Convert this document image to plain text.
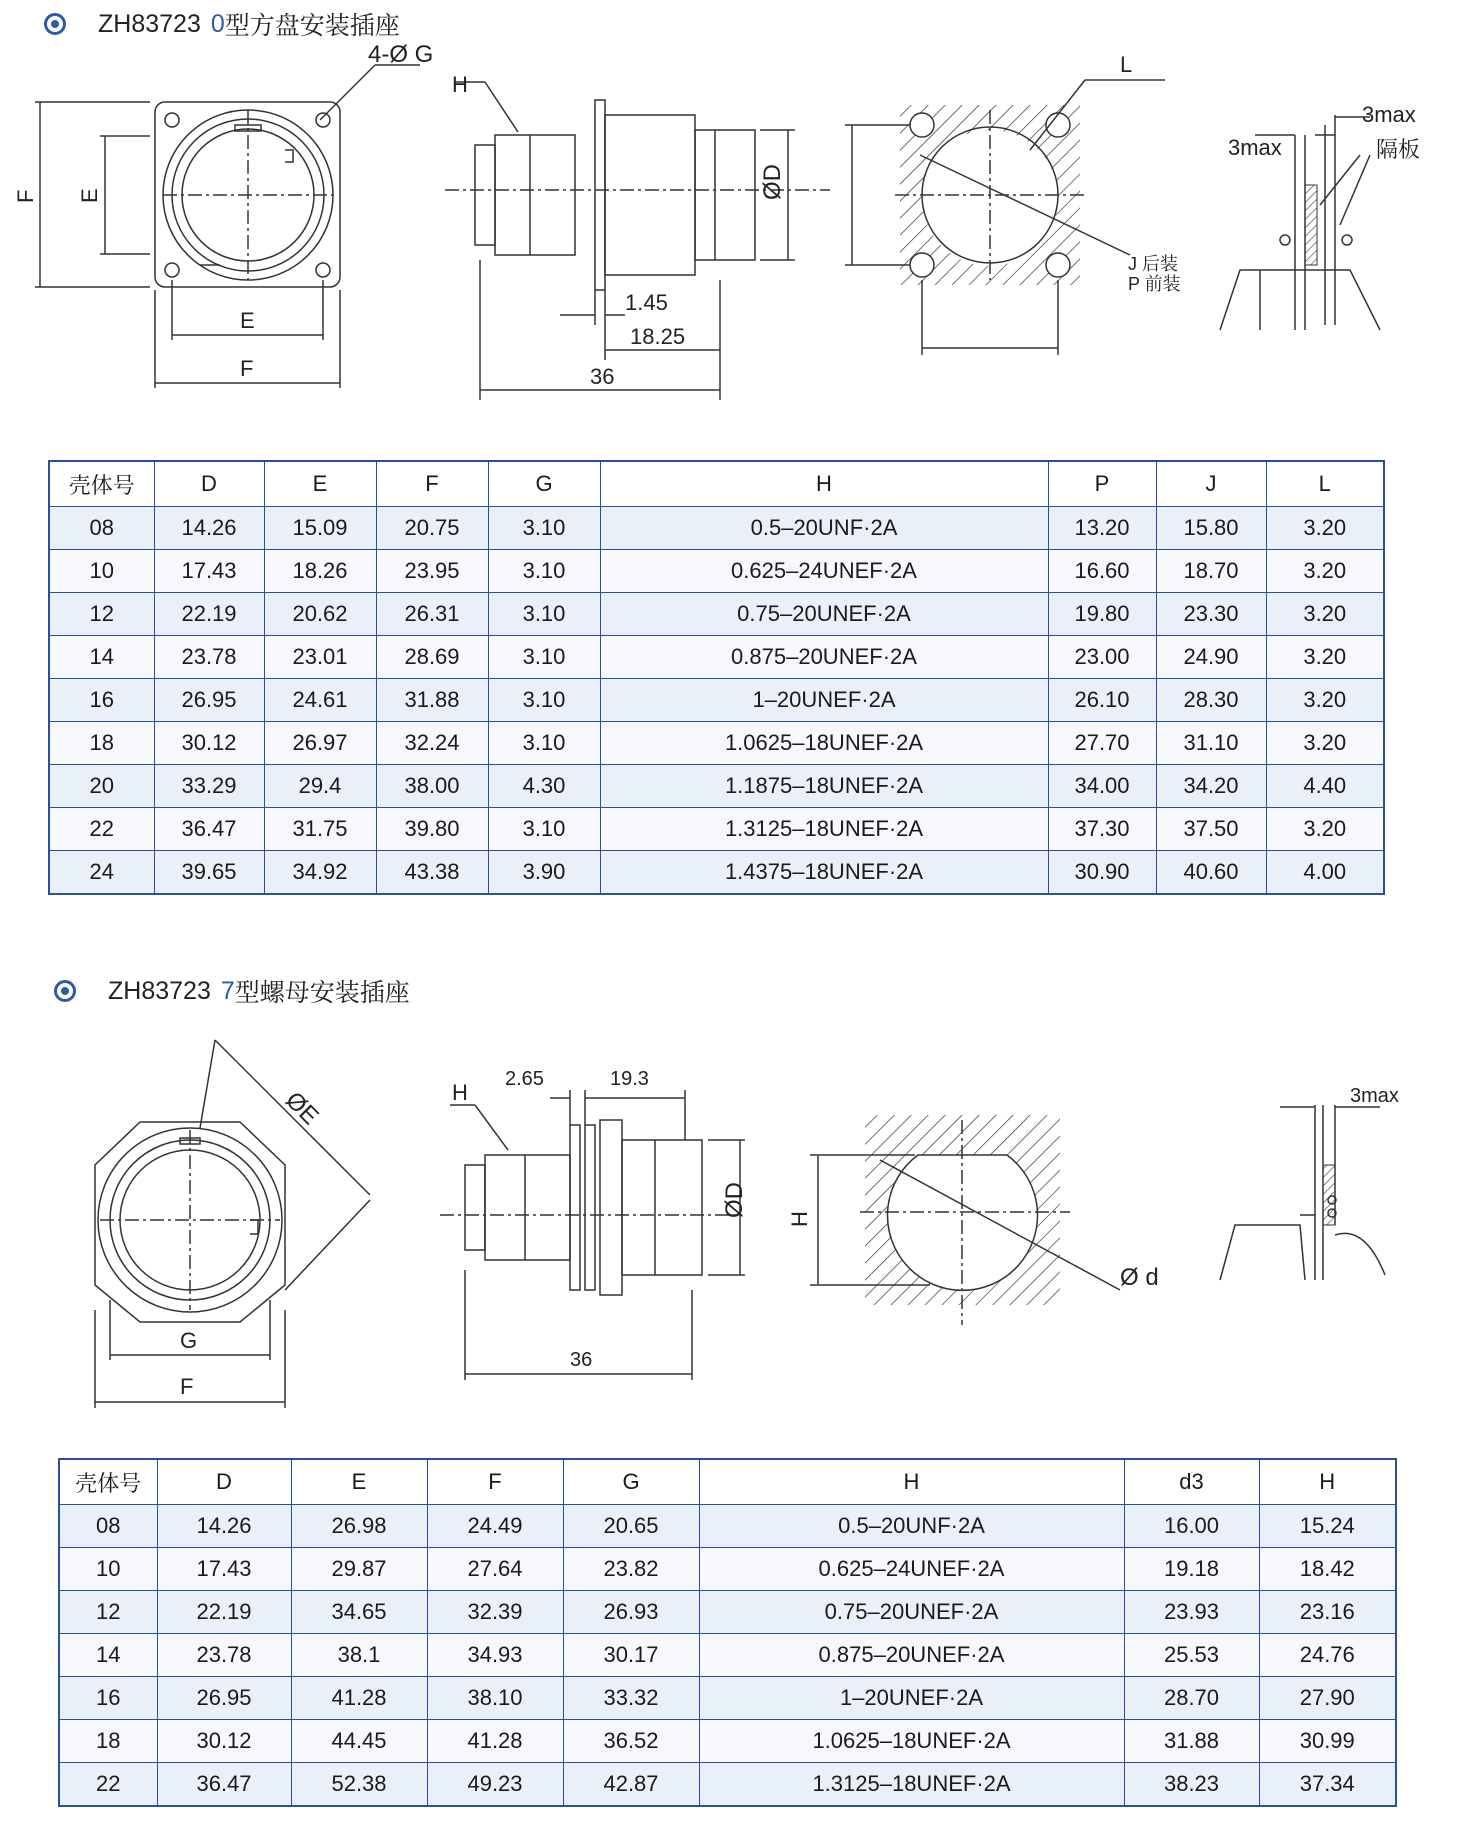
ZH83723 0 型方盘安装插座
4-Ø G
F E
E
F
H
ØD
1.45
18.25
36
L
J 后装
P 前装
3max
3max
隔板
壳体号	D	E	F	G	H	P	J	L
08	14.26	15.09	20.75	3.10	0.5–20UNF·2A	13.20	15.80	3.20
10	17.43	18.26	23.95	3.10	0.625–24UNEF·2A	16.60	18.70	3.20
12	22.19	20.62	26.31	3.10	0.75–20UNEF·2A	19.80	23.30	3.20
14	23.78	23.01	28.69	3.10	0.875–20UNEF·2A	23.00	24.90	3.20
16	26.95	24.61	31.88	3.10	1–20UNEF·2A	26.10	28.30	3.20
18	30.12	26.97	32.24	3.10	1.0625–18UNEF·2A	27.70	31.10	3.20
20	33.29	29.4	38.00	4.30	1.1875–18UNEF·2A	34.00	34.20	4.40
22	36.47	31.75	39.80	3.10	1.3125–18UNEF·2A	37.30	37.50	3.20
24	39.65	34.92	43.38	3.90	1.4375–18UNEF·2A	30.90	40.60	4.00
ZH83723 7 型螺母安装插座
ØE
G
F
H
2.65	19.3
ØD
36
H
Ø d
3max
壳体号	D	E	F	G	H	d3	H
08	14.26	26.98	24.49	20.65	0.5–20UNF·2A	16.00	15.24
10	17.43	29.87	27.64	23.82	0.625–24UNEF·2A	19.18	18.42
12	22.19	34.65	32.39	26.93	0.75–20UNEF·2A	23.93	23.16
14	23.78	38.1	34.93	30.17	0.875–20UNEF·2A	25.53	24.76
16	26.95	41.28	38.10	33.32	1–20UNEF·2A	28.70	27.90
18	30.12	44.45	41.28	36.52	1.0625–18UNEF·2A	31.88	30.99
22	36.47	52.38	49.23	42.87	1.3125–18UNEF·2A	38.23	37.34
